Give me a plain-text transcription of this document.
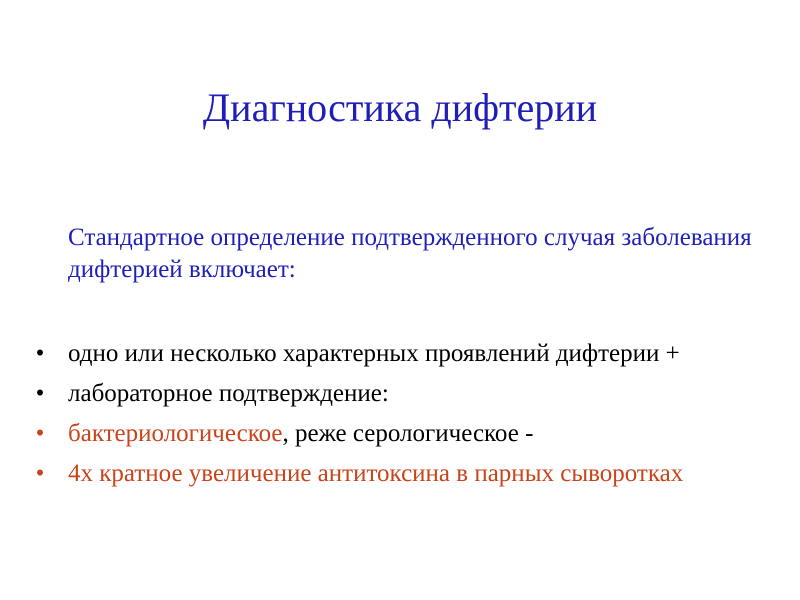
Диагностика дифтерии

Стандартное определение подтвержденного случая заболевания дифтерией включает:

• одно или несколько характерных проявлений дифтерии +
• лабораторное подтверждение:
• бактериологическое, реже серологическое -
• 4х кратное увеличение антитоксина в парных сыворотках
